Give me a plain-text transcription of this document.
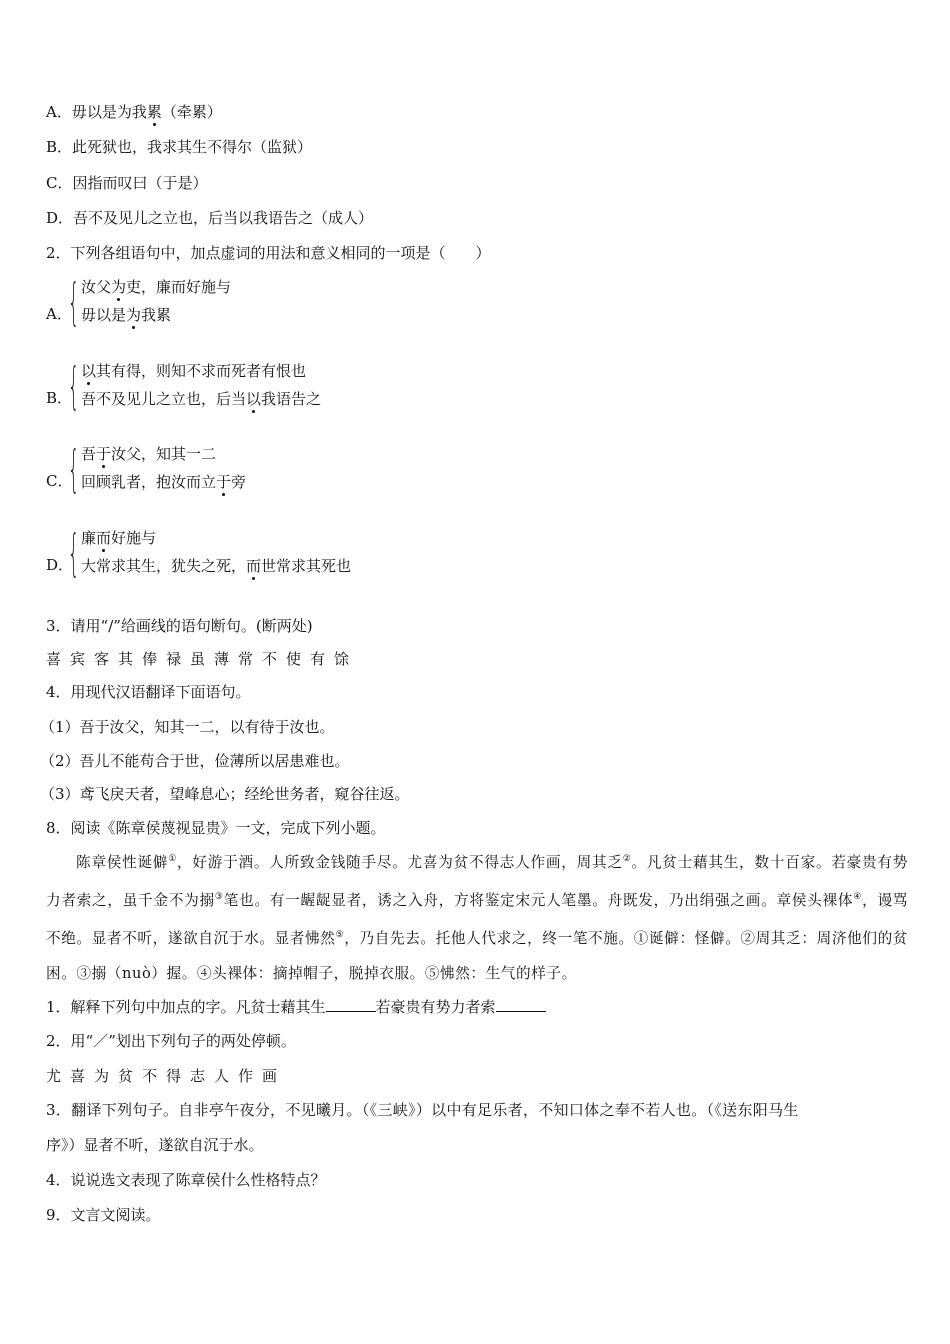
A．毋以是为我累（牵累）
B．此死狱也，我求其生不得尔（监狱）
C．因指而叹曰（于是）
D．吾不及见儿之立也，后当以我语告之（成人）
2．下列各组语句中，加点虚词的用法和意义相同的一项是（　　）
A．
{ 汝父为吏，廉而好施与
毋以是为我累
B．
{ 以其有得，则知不求而死者有恨也
吾不及见儿之立也，后当以我语告之
C．
{ 吾于汝父，知其一二
回顾乳者，抱汝而立于旁
D．
{ 廉而好施与
大常求其生，犹失之死，而世常求其死也
3．请用“/”给画线的语句断句。(断两处)
喜宾客其俸禄虽薄常不使有馀
4．用现代汉语翻译下面语句。
（1）吾于汝父，知其一二，以有待于汝也。
（2）吾儿不能苟合于世，俭薄所以居患难也。
（3）鸢飞戾天者，望峰息心；经纶世务者，窥谷往返。
8．阅读《陈章侯蔑视显贵》一文，完成下列小题。
陈章侯性诞僻①，好游于酒。人所致金钱随手尽。尤喜为贫不得志人作画，周其乏②。凡贫士藉其生，数十百家。若豪贵有势力者索之，虽千金不为搦③笔也。有一龌龊显者，诱之入舟，方将鉴定宋元人笔墨。舟既发，乃出绢强之画。章侯头裸体④，谩骂不绝。显者不听，遂欲自沉于水。显者怫然⑤，乃自先去。托他人代求之，终一笔不施。①诞僻：怪僻。②周其乏：周济他们的贫困。③搦（nuò）握。④头裸体：摘掉帽子，脱掉衣服。⑤怫然：生气的样子。
1．解释下列句中加点的字。凡贫士藉其生	若豪贵有势力者索
2．用“／”划出下列句子的两处停顿。
尤喜为贫不得志人作画
3．翻译下列句子。自非亭午夜分，不见曦月。（《三峡》）以中有足乐者，不知口体之奉不若人也。（《送东阳马生
序》）显者不听，遂欲自沉于水。
4．说说选文表现了陈章侯什么性格特点？
9．文言文阅读。
